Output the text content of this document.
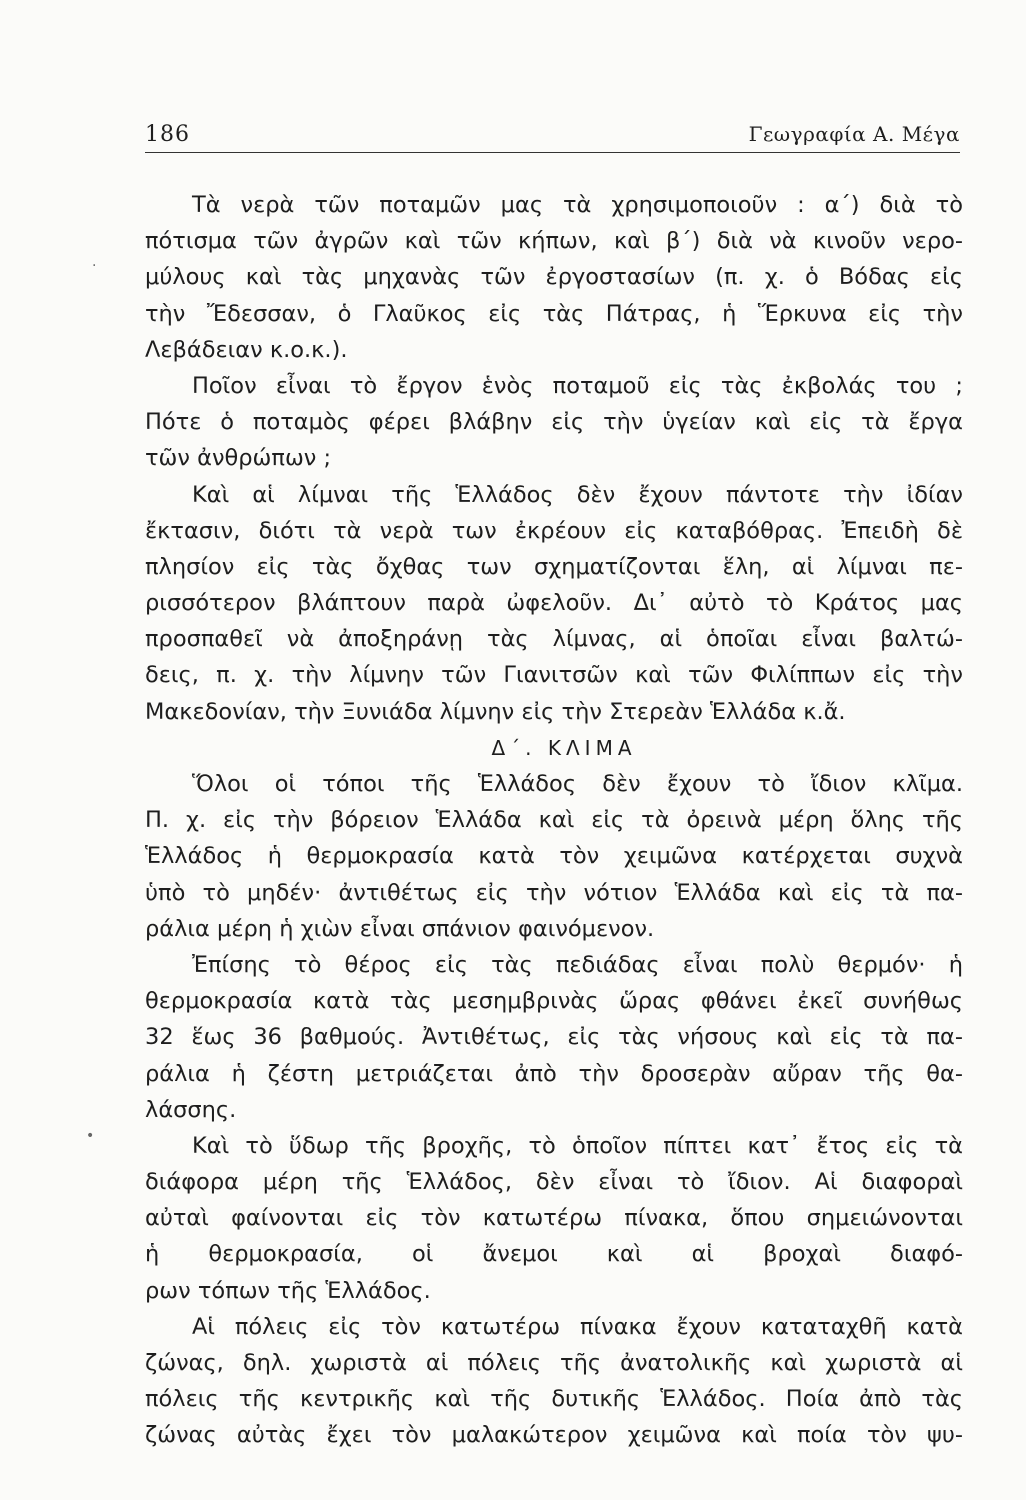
186	Γεωγραφία Α. Μέγα
Τὰ νερὰ τῶν ποταμῶν μας τὰ χρησιμοποιοῦν : α΄) διὰ τὸ
πότισμα τῶν ἀγρῶν καὶ τῶν κήπων, καὶ β΄) διὰ νὰ κινοῦν νερο-
μύλους καὶ τὰς μηχανὰς τῶν ἐργοστασίων (π. χ. ὁ Βόδας εἰς
τὴν Ἔδεσσαν, ὁ Γλαῦκος εἰς τὰς Πάτρας, ἡ Ἕρκυνα εἰς τὴν
Λεβάδειαν κ.ο.κ.).
Ποῖον εἶναι τὸ ἔργον ἑνὸς ποταμοῦ εἰς τὰς ἐκβολάς του ;
Πότε ὁ ποταμὸς φέρει βλάβην εἰς τὴν ὑγείαν καὶ εἰς τὰ ἔργα
τῶν ἀνθρώπων ;
Καὶ αἱ λίμναι τῆς Ἑλλάδος δὲν ἔχουν πάντοτε τὴν ἰδίαν
ἔκτασιν, διότι τὰ νερὰ των ἐκρέουν εἰς καταβόθρας. Ἐπειδὴ δὲ
πλησίον εἰς τὰς ὄχθας των σχηματίζονται ἕλη, αἱ λίμναι πε-
ρισσότερον βλάπτουν παρὰ ὠφελοῦν. Δι᾿ αὐτὸ τὸ Κράτος μας
προσπαθεῖ νὰ ἀποξηράνῃ τὰς λίμνας, αἱ ὁποῖαι εἶναι βαλτώ-
δεις, π. χ. τὴν λίμνην τῶν Γιανιτσῶν καὶ τῶν Φιλίππων εἰς τὴν
Μακεδονίαν, τὴν Ξυνιάδα λίμνην εἰς τὴν Στερεὰν Ἑλλάδα κ.ἄ.
Δ΄. ΚΛΙΜΑ
Ὅλοι οἱ τόποι τῆς Ἑλλάδος δὲν ἔχουν τὸ ἴδιον κλῖμα.
Π. χ. εἰς τὴν βόρειον Ἑλλάδα καὶ εἰς τὰ ὀρεινὰ μέρη ὅλης τῆς
Ἑλλάδος ἡ θερμοκρασία κατὰ τὸν χειμῶνα κατέρχεται συχνὰ
ὑπὸ τὸ μηδέν· ἀντιθέτως εἰς τὴν νότιον Ἑλλάδα καὶ εἰς τὰ πα-
ράλια μέρη ἡ χιὼν εἶναι σπάνιον φαινόμενον.
Ἐπίσης τὸ θέρος εἰς τὰς πεδιάδας εἶναι πολὺ θερμόν· ἡ
θερμοκρασία κατὰ τὰς μεσημβρινὰς ὥρας φθάνει ἐκεῖ συνήθως
32 ἕως 36 βαθμούς. Ἀντιθέτως, εἰς τὰς νήσους καὶ εἰς τὰ πα-
ράλια ἡ ζέστη μετριάζεται ἀπὸ τὴν δροσερὰν αὔραν τῆς θα-
λάσσης.
Καὶ τὸ ὕδωρ τῆς βροχῆς, τὸ ὁποῖον πίπτει κατ᾿ ἔτος εἰς τὰ
διάφορα μέρη τῆς Ἑλλάδος, δὲν εἶναι τὸ ἴδιον. Αἱ διαφοραὶ
αὐταὶ φαίνονται εἰς τὸν κατωτέρω πίνακα, ὅπου σημειώνονται
ἡ θερμοκρασία, οἱ ἄνεμοι καὶ αἱ βροχαὶ διαφό-
ρων τόπων τῆς Ἑλλάδος.
Αἱ πόλεις εἰς τὸν κατωτέρω πίνακα ἔχουν καταταχθῆ κατὰ
ζώνας, δηλ. χωριστὰ αἱ πόλεις τῆς ἀνατολικῆς καὶ χωριστὰ αἱ
πόλεις τῆς κεντρικῆς καὶ τῆς δυτικῆς Ἑλλάδος. Ποία ἀπὸ τὰς
ζώνας αὐτὰς ἔχει τὸν μαλακώτερον χειμῶνα καὶ ποία τὸν ψυ-
·
•
